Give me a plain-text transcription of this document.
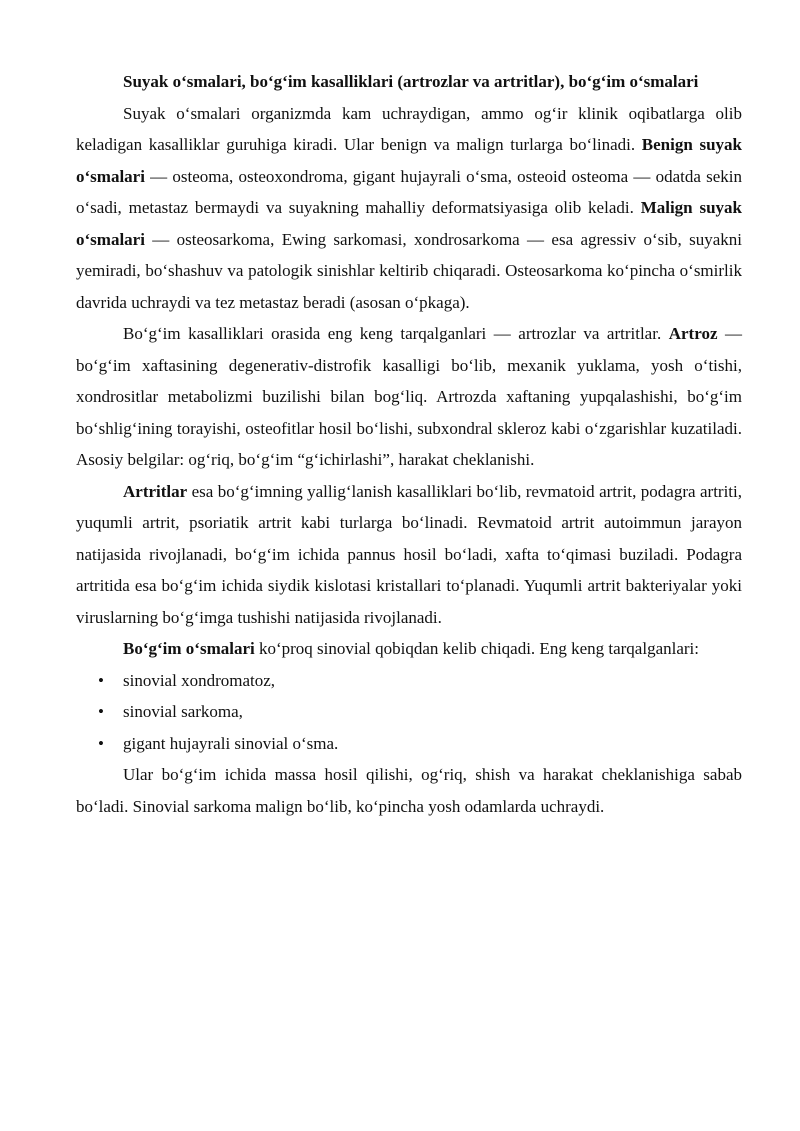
Suyak o‘smalari, bo‘g‘im kasalliklari (artrozlar va artritlar), bo‘g‘im o‘smalari

Suyak o‘smalari organizmda kam uchraydigan, ammo og‘ir klinik oqibatlarga olib keladigan kasalliklar guruhiga kiradi. Ular benign va malign turlarga bo‘linadi. Benign suyak o‘smalari — osteoma, osteoxondroma, gigant hujayrali o‘sma, osteoid osteoma — odatda sekin o‘sadi, metastaz bermaydi va suyakning mahalliy deformatsiyasiga olib keladi. Malign suyak o‘smalari — osteosarkoma, Ewing sarkomasi, xondrosarkoma — esa agressiv o‘sib, suyakni yemiradi, bo‘shashuv va patologik sinishlar keltirib chiqaradi. Osteosarkoma ko‘pincha o‘smirlik davrida uchraydi va tez metastaz beradi (asosan o‘pkaga).

Bo‘g‘im kasalliklari orasida eng keng tarqalganlari — artrozlar va artritlar. Artroz — bo‘g‘im xaftasining degenerativ-distrofik kasalligi bo‘lib, mexanik yuklama, yosh o‘tishi, xondrositlar metabolizmi buzilishi bilan bog‘liq. Artrozda xaftaning yupqalashishi, bo‘g‘im bo‘shlig‘ining torayishi, osteofitlar hosil bo‘lishi, subxondral skleroz kabi o‘zgarishlar kuzatiladi. Asosiy belgilar: og‘riq, bo‘g‘im “g‘ichirlashi”, harakat cheklanishi.

Artritlar esa bo‘g‘imning yallig‘lanish kasalliklari bo‘lib, revmatoid artrit, podagra artriti, yuqumli artrit, psoriatik artrit kabi turlarga bo‘linadi. Revmatoid artrit autoimmun jarayon natijasida rivojlanadi, bo‘g‘im ichida pannus hosil bo‘ladi, xafta to‘qimasi buziladi. Podagra artritida esa bo‘g‘im ichida siydik kislotasi kristallari to‘planadi. Yuqumli artrit bakteriyalar yoki viruslarning bo‘g‘imga tushishi natijasida rivojlanadi.

Bo‘g‘im o‘smalari ko‘proq sinovial qobiqdan kelib chiqadi. Eng keng tarqalganlari:

• sinovial xondromatoz,
• sinovial sarkoma,
• gigant hujayrali sinovial o‘sma.

Ular bo‘g‘im ichida massa hosil qilishi, og‘riq, shish va harakat cheklanishiga sabab bo‘ladi. Sinovial sarkoma malign bo‘lib, ko‘pincha yosh odamlarda uchraydi.
